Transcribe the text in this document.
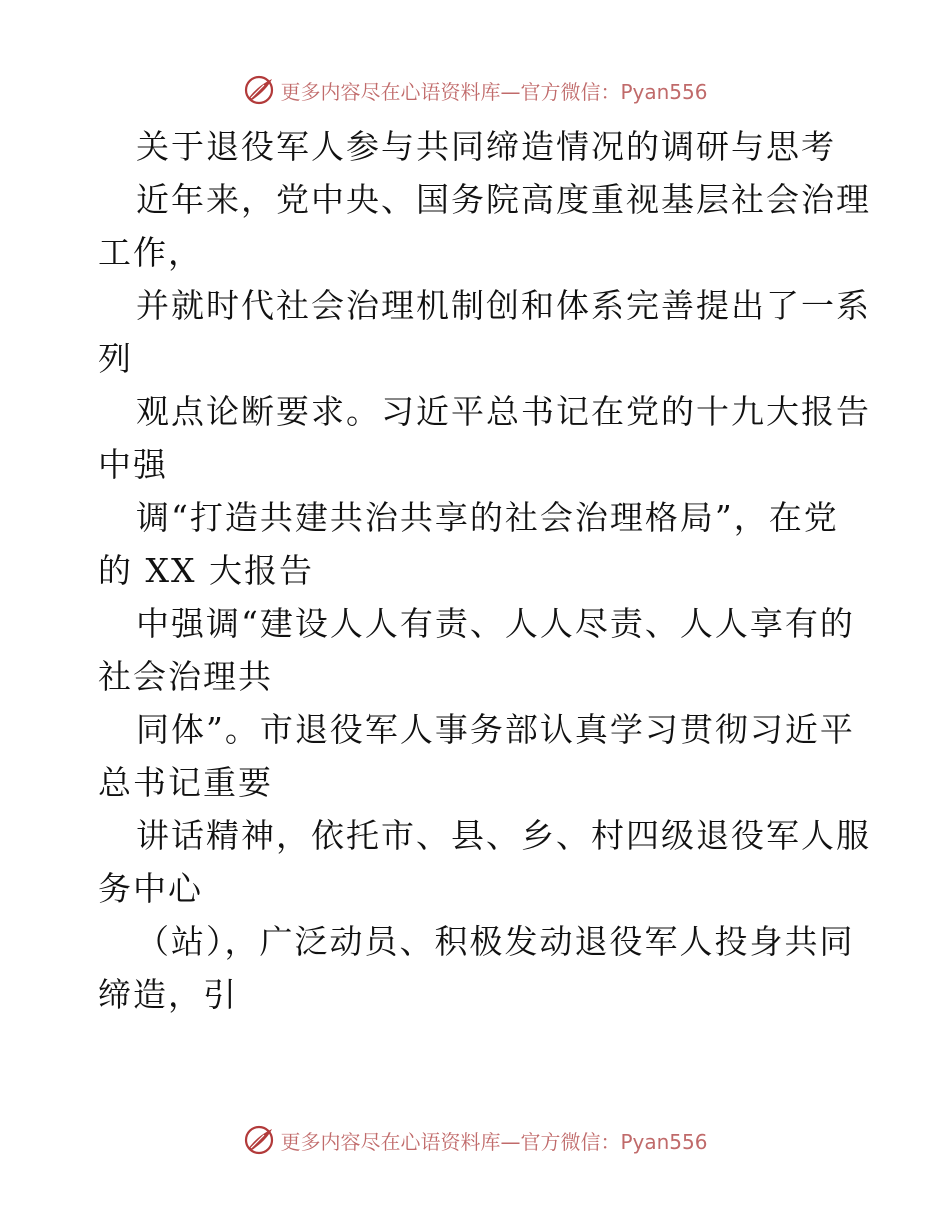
更多内容尽在心语资料库—官方微信：Pyan556
关于退役军人参与共同缔造情况的调研与思考
近年来，党中央、国务院高度重视基层社会治理
工作，
并就时代社会治理机制创和体系完善提出了一系
列
观点论断要求。习近平总书记在党的十九大报告
中强
调“打造共建共治共享的社会治理格局”，在党
的 XX 大报告
中强调“建设人人有责、人人尽责、人人享有的
社会治理共
同体”。市退役军人事务部认真学习贯彻习近平
总书记重要
讲话精神，依托市、县、乡、村四级退役军人服
务中心
（站），广泛动员、积极发动退役军人投身共同
缔造，引
更多内容尽在心语资料库—官方微信：Pyan556
